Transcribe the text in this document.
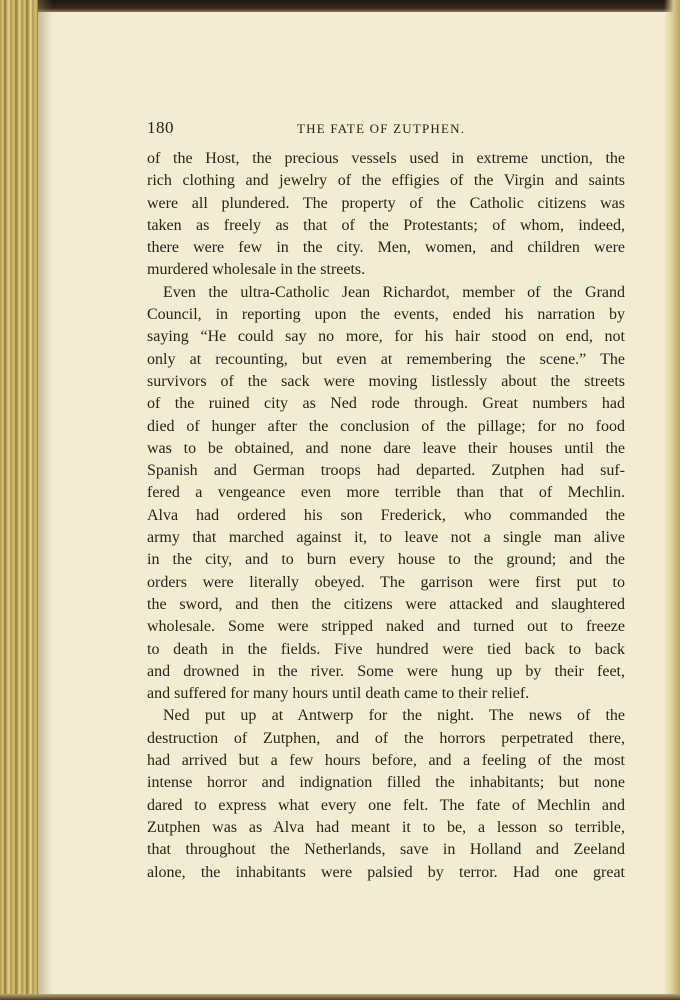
180	THE FATE OF ZUTPHEN.
of the Host, the precious vessels used in extreme unction, the
rich clothing and jewelry of the effigies of the Virgin and saints
were all plundered. The property of the Catholic citizens was
taken as freely as that of the Protestants; of whom, indeed,
there were few in the city. Men, women, and children were
murdered wholesale in the streets.
Even the ultra-Catholic Jean Richardot, member of the Grand
Council, in reporting upon the events, ended his narration by
saying “He could say no more, for his hair stood on end, not
only at recounting, but even at remembering the scene.” The
survivors of the sack were moving listlessly about the streets
of the ruined city as Ned rode through. Great numbers had
died of hunger after the conclusion of the pillage; for no food
was to be obtained, and none dare leave their houses until the
Spanish and German troops had departed. Zutphen had suf-
fered a vengeance even more terrible than that of Mechlin.
Alva had ordered his son Frederick, who commanded the
army that marched against it, to leave not a single man alive
in the city, and to burn every house to the ground; and the
orders were literally obeyed. The garrison were first put to
the sword, and then the citizens were attacked and slaughtered
wholesale. Some were stripped naked and turned out to freeze
to death in the fields. Five hundred were tied back to back
and drowned in the river. Some were hung up by their feet,
and suffered for many hours until death came to their relief.
Ned put up at Antwerp for the night. The news of the
destruction of Zutphen, and of the horrors perpetrated there,
had arrived but a few hours before, and a feeling of the most
intense horror and indignation filled the inhabitants; but none
dared to express what every one felt. The fate of Mechlin and
Zutphen was as Alva had meant it to be, a lesson so terrible,
that throughout the Netherlands, save in Holland and Zeeland
alone, the inhabitants were palsied by terror. Had one great
